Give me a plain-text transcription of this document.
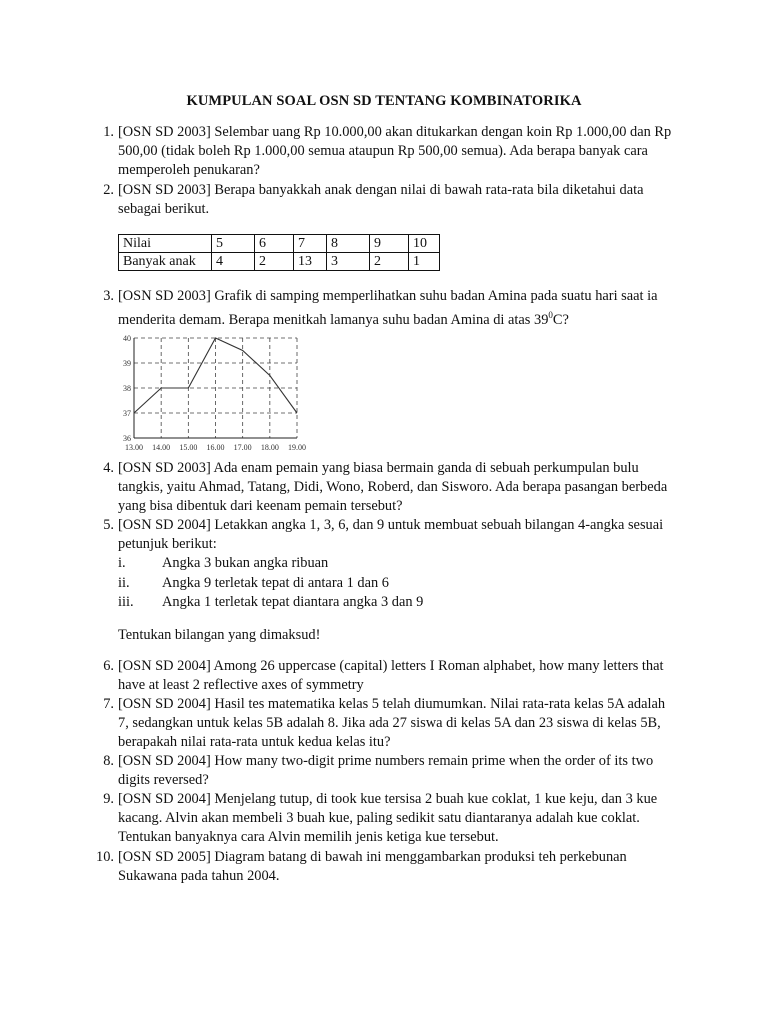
KUMPULAN SOAL OSN SD TENTANG KOMBINATORIKA
1. [OSN SD 2003] Selembar uang Rp 10.000,00 akan ditukarkan dengan koin Rp 1.000,00 dan Rp 500,00 (tidak boleh Rp 1.000,00 semua ataupun Rp 500,00 semua). Ada berapa banyak cara memperoleh penukaran?
2. [OSN SD 2003] Berapa banyakkah anak dengan nilai di bawah rata-rata bila diketahui data sebagai berikut.
Nilai	5	6	7	8	9	10
Banyak anak	4	2	13	3	2	1
3. [OSN SD 2003] Grafik di samping memperlihatkan suhu badan Amina pada suatu hari saat ia menderita demam. Berapa menitkah lamanya suhu badan Amina di atas $39^0C$?
36
37
38
39
40
13.00 14.00 15.00 16.00 17.00 18.00 19.00
4. [OSN SD 2003] Ada enam pemain yang biasa bermain ganda di sebuah perkumpulan bulu tangkis, yaitu Ahmad, Tatang, Didi, Wono, Roberd, dan Sisworo. Ada berapa pasangan berbeda yang bisa dibentuk dari keenam pemain tersebut?
5. [OSN SD 2004] Letakkan angka 1, 3, 6, dan 9 untuk membuat sebuah bilangan 4-angka sesuai petunjuk berikut:
i.	Angka 3 bukan angka ribuan
ii. Angka 9 terletak tepat di antara 1 dan 6
iii. Angka 1 terletak tepat diantara angka 3 dan 9
Tentukan bilangan yang dimaksud!
6. [OSN SD 2004] Among 26 uppercase (capital) letters I Roman alphabet, how many letters that have at least 2 reflective axes of symmetry
7. [OSN SD 2004] Hasil tes matematika kelas 5 telah diumumkan. Nilai rata-rata kelas 5A adalah 7, sedangkan untuk kelas 5B adalah 8. Jika ada 27 siswa di kelas 5A dan 23 siswa di kelas 5B, berapakah nilai rata-rata untuk kedua kelas itu?
8. [OSN SD 2004] How many two-digit prime numbers remain prime when the order of its two digits reversed?
9. [OSN SD 2004] Menjelang tutup, di took kue tersisa 2 buah kue coklat, 1 kue keju, dan 3 kue kacang. Alvin akan membeli 3 buah kue, paling sedikit satu diantaranya adalah kue coklat. Tentukan banyaknya cara Alvin memilih jenis ketiga kue tersebut.
10. [OSN SD 2005] Diagram batang di bawah ini menggambarkan produksi teh perkebunan Sukawana pada tahun 2004.
